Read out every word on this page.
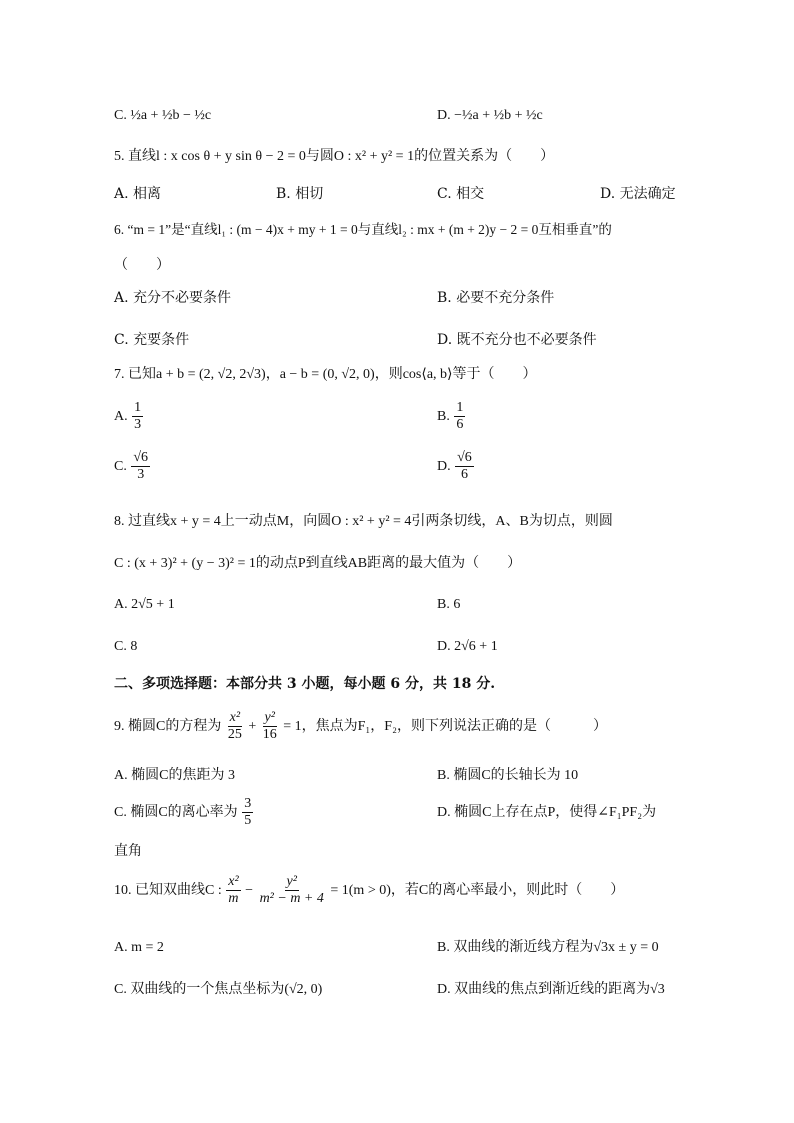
C. ½a + ½b − ½c	D. −½a + ½b + ½c
5. 直线l : x cos θ + y sin θ − 2 = 0与圆O : x² + y² = 1的位置关系为（　　）
A. 相离	B. 相切	C. 相交	D. 无法确定
6. “m = 1”是“直线l₁ : (m − 4)x + my + 1 = 0与直线l₂ : mx + (m + 2)y − 2 = 0互相垂直”的
（　　）
A. 充分不必要条件	B. 必要不充分条件
C. 充要条件	D. 既不充分也不必要条件
7. 已知a + b = (2, √2, 2√3)，a − b = (0, √2, 0)，则cos⟨a, b⟩等于（　　）
A. $\frac{1}{3}$	B. $\frac{1}{6}$
C. $\frac{√6}{3}$	D. $\frac{√6}{6}$
8. 过直线x + y = 4上一动点M，向圆O : x² + y² = 4引两条切线，A、B为切点，则圆
C : (x + 3)² + (y − 3)² = 1的动点P到直线AB距离的最大值为（　　）
A. 2√5 + 1	B. 6
C. 8	D. 2√6 + 1
二、多项选择题：本部分共 3 小题，每小题 6 分，共 18 分.
9. 椭圆C的方程为 $\frac{\text{x²}}{25} + \frac{\text{y²}}{16} = 1$，焦点为F₁，F₂，则下列说法正确的是（　　　）
A. 椭圆C的焦距为 3	B. 椭圆C的长轴长为 10
C. 椭圆C的离心率为 $\frac{3}{5}$	D. 椭圆C上存在点P，使得∠F₁PF₂为
直角
10. 已知双曲线C : $\frac{\text{x²}}{m} - \frac{\text{y²}}{\text{m² − m + 4}} = 1(m > 0)$，若C的离心率最小，则此时（　　）
A. m = 2	B. 双曲线的渐近线方程为√3x ± y = 0
C. 双曲线的一个焦点坐标为(√2, 0)	D. 双曲线的焦点到渐近线的距离为√3
